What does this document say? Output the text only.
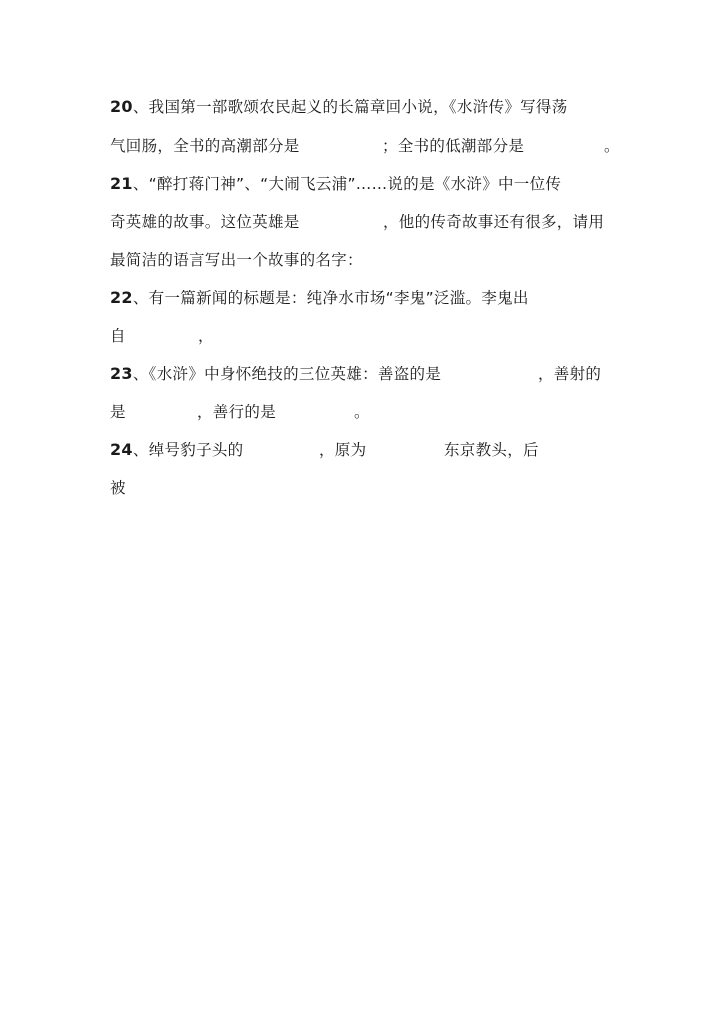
20、我国第一部歌颂农民起义的长篇章回小说，《水浒传》写得荡
气回肠，全书的高潮部分是	；全书的低潮部分是	。
21、“醉打蒋门神”、“大闹飞云浦”……说的是《水浒》中一位传
奇英雄的故事。这位英雄是	，他的传奇故事还有很多，请用
最简洁的语言写出一个故事的名字：
22、有一篇新闻的标题是：纯净水市场“李鬼”泛滥。李鬼出
自	，
23、《水浒》中身怀绝技的三位英雄：善盗的是	，善射的
是	，善行的是	。
24、绰号豹子头的	，原为	东京教头，后
被
